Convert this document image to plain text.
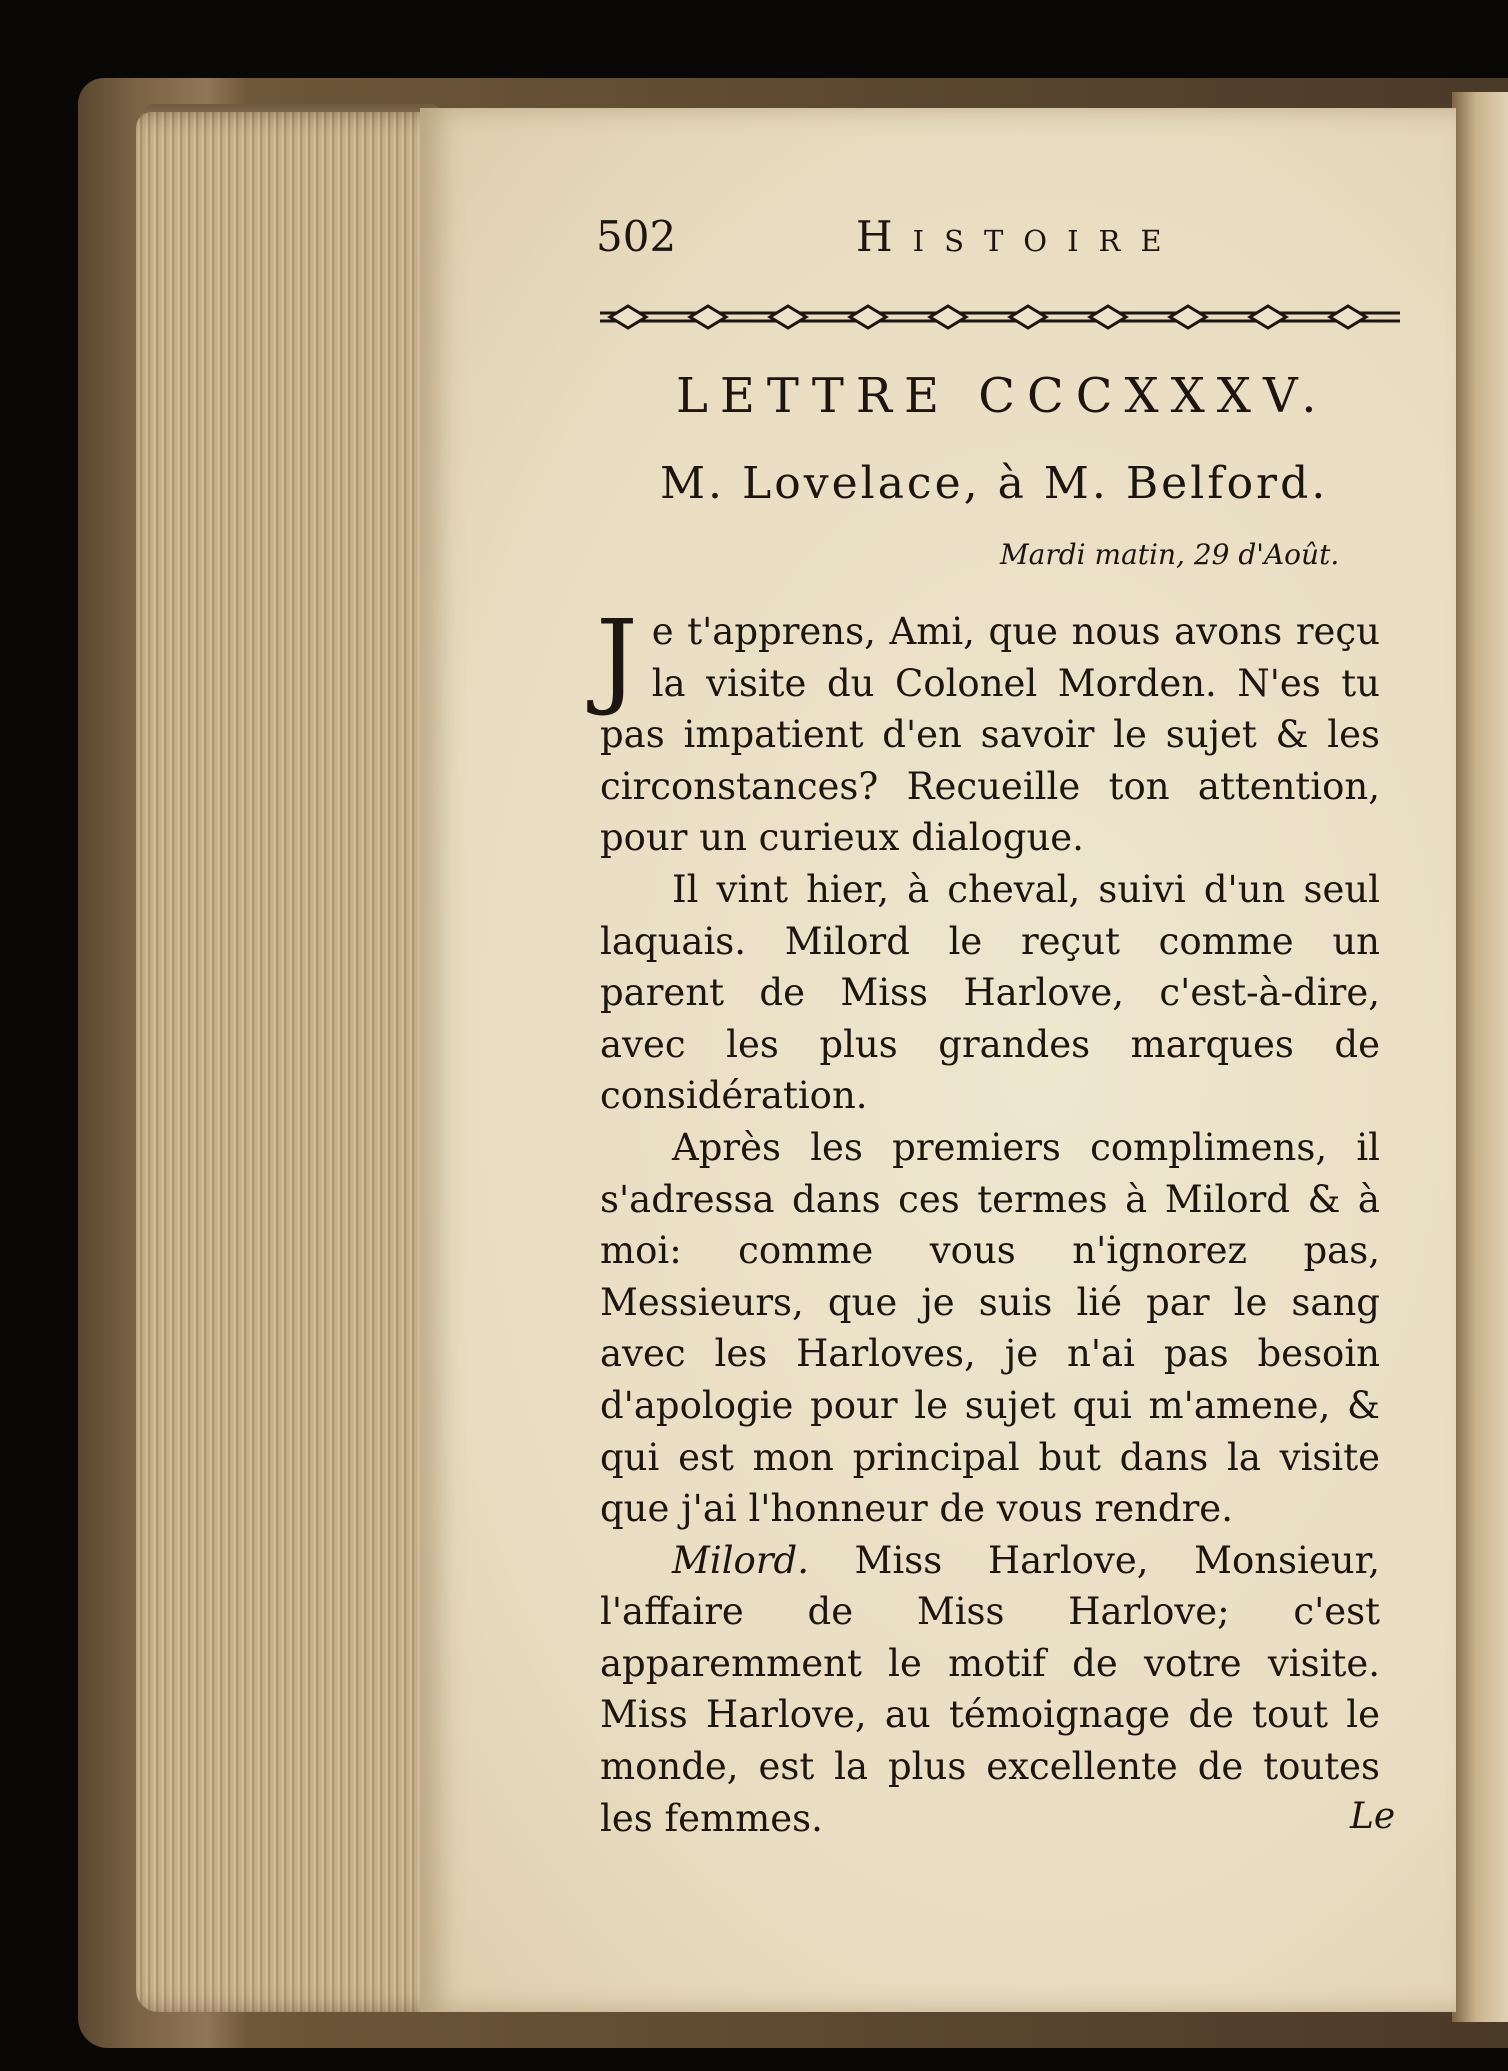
502	Histoire
LETTRE CCCXXXV.
M. Lovelace, à M. Belford.
Mardi matin, 29 d'Août.

Je t'apprens, Ami, que nous avons reçu la visite du Colonel Morden. N'es tu pas impatient d'en savoir le sujet & les circonstances? Recueille ton attention, pour un curieux dialogue.

Il vint hier, à cheval, suivi d'un seul laquais. Milord le reçut comme un parent de Miss Harlove, c'est-à-dire, avec les plus grandes marques de considération.

Après les premiers complimens, il s'adressa dans ces termes à Milord & à moi: comme vous n'ignorez pas, Messieurs, que je suis lié par le sang avec les Harloves, je n'ai pas besoin d'apologie pour le sujet qui m'amene, & qui est mon principal but dans la visite que j'ai l'honneur de vous rendre.

Milord. Miss Harlove, Monsieur, l'affaire de Miss Harlove; c'est apparemment le motif de votre visite. Miss Harlove, au témoignage de tout le monde, est la plus excellente de toutes les femmes.	Le
